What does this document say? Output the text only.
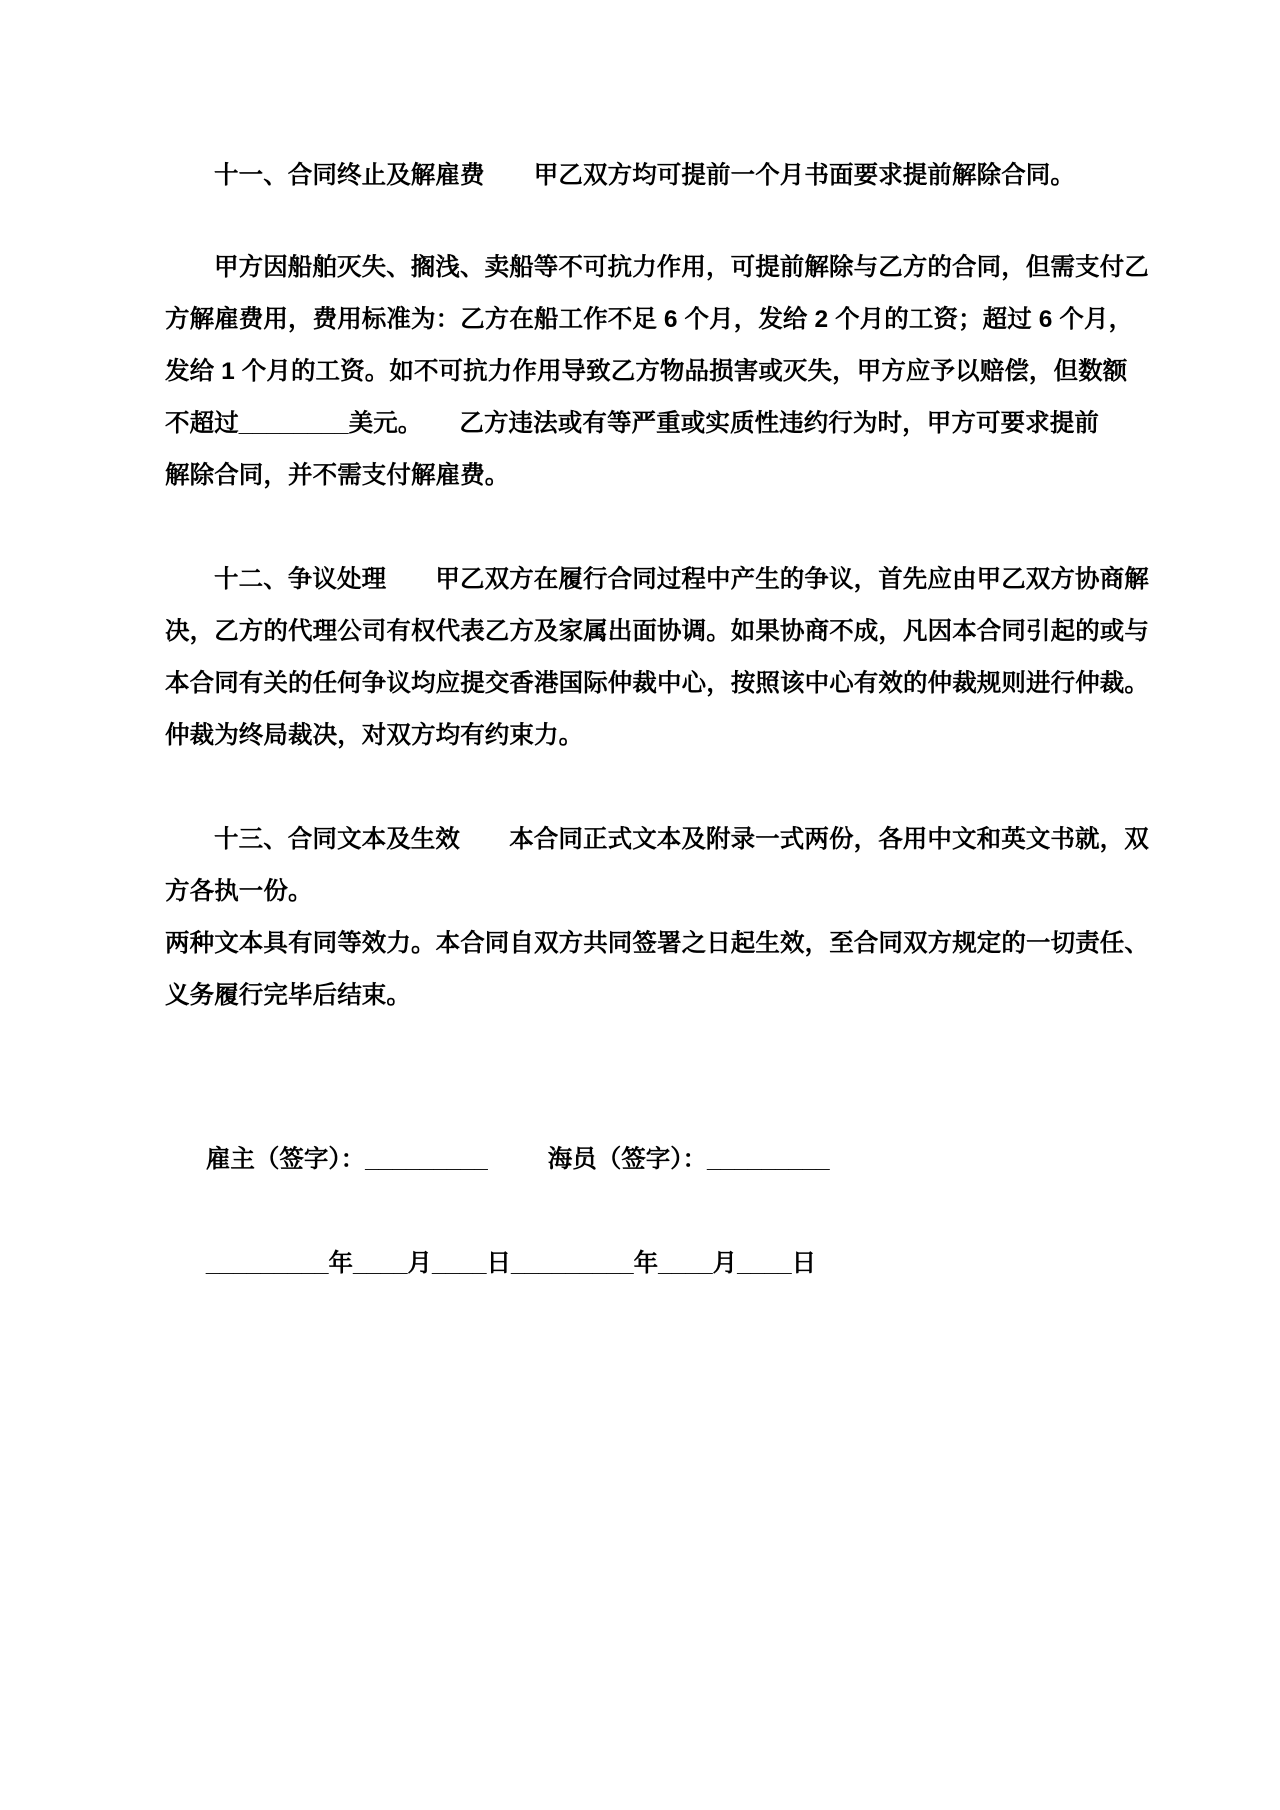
十一、合同终止及解雇费　　甲乙双方均可提前一个月书面要求提前解除合同。
甲方因船舶灭失、搁浅、卖船等不可抗力作用，可提前解除与乙方的合同，但需支付乙
方解雇费用，费用标准为：乙方在船工作不足 6 个月，发给 2 个月的工资；超过 6 个月，
发给 1 个月的工资。如不可抗力作用导致乙方物品损害或灭失，甲方应予以赔偿，但数额
不超过________美元。　　乙方违法或有等严重或实质性违约行为时，甲方可要求提前
解除合同，并不需支付解雇费。
十二、争议处理　　甲乙双方在履行合同过程中产生的争议，首先应由甲乙双方协商解
决，乙方的代理公司有权代表乙方及家属出面协调。如果协商不成，凡因本合同引起的或与
本合同有关的任何争议均应提交香港国际仲裁中心，按照该中心有效的仲裁规则进行仲裁。
仲裁为终局裁决，对双方均有约束力。
十三、合同文本及生效　　本合同正式文本及附录一式两份，各用中文和英文书就，双
方各执一份。
两种文本具有同等效力。本合同自双方共同签署之日起生效，至合同双方规定的一切责任、
义务履行完毕后结束。

雇主（签字）：_________ 海员（签字）：_________

_________年____月____日_________年____月____日
